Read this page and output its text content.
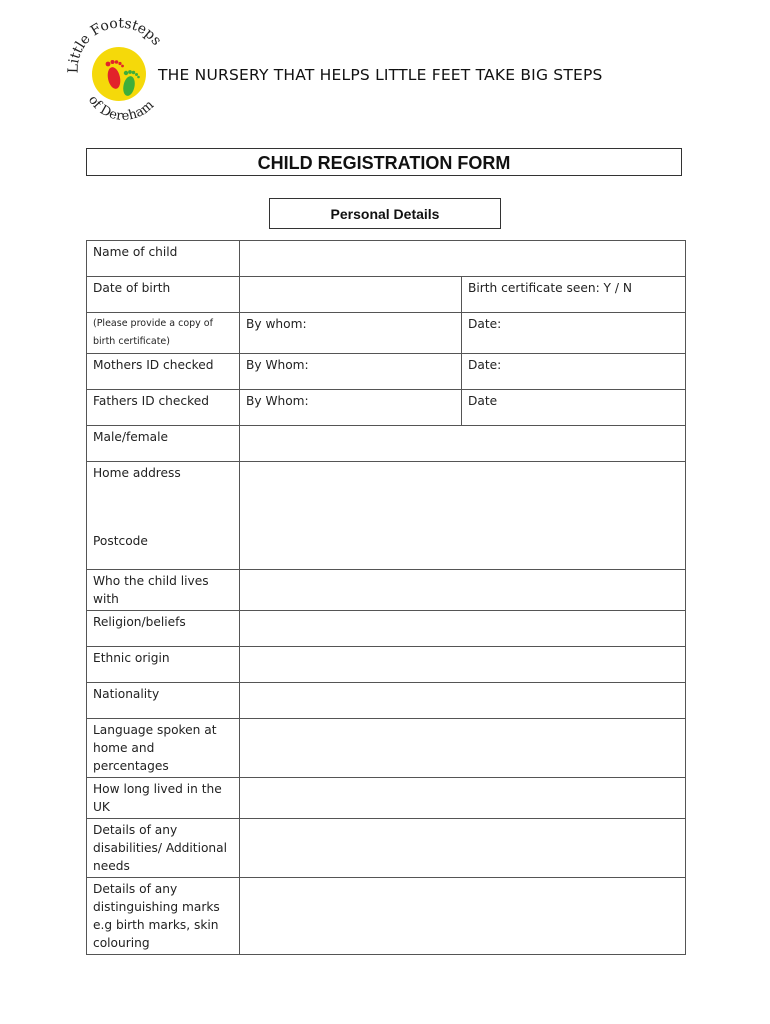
Little Footsteps
of Dereham
THE NURSERY THAT HELPS LITTLE FEET TAKE BIG STEPS
CHILD REGISTRATION FORM
Personal Details
Name of child		
Date of birth		Birth certificate seen: Y / N
(Please provide a copy of birth certificate)	By whom:	Date:
Mothers ID checked	By Whom:	Date:
Fathers ID checked	By Whom:	Date
Male/female		
Home address
Postcode		

Who the child lives with		
Religion/beliefs		
Ethnic origin		
Nationality		
Language spoken at home and percentages		
How long lived in the UK		
Details of any disabilities/ Additional needs		
Details of any distinguishing marks e.g birth marks, skin colouring		
